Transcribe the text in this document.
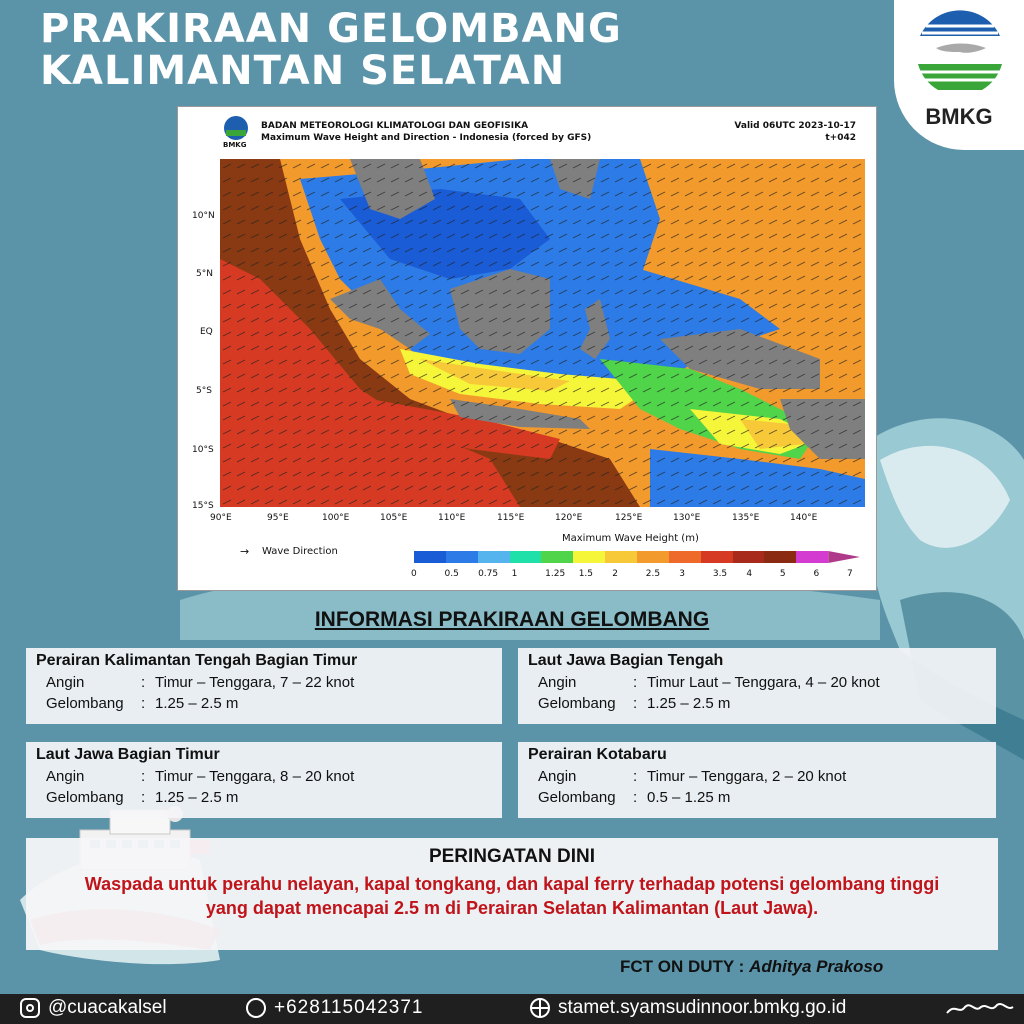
PRAKIRAAN GELOMBANG
KALIMANTAN SELATAN
BMKG
BMKG
BADAN METEOROLOGI KLIMATOLOGI DAN GEOFISIKA
Maximum Wave Height and Direction - Indonesia (forced by GFS)
Valid 06UTC 2023-10-17
t+042
10°N
5°N
EQ
5°S
10°S
15°S
90°E	95°E	100°E	105°E	110°E	115°E	120°E	125°E	130°E	135°E	140°E
→ Wave Direction
Maximum Wave Height (m)
0	0.5 0.75 1	1.25 1.5 2	2.5 3	3.5 4	5	6	7
INFORMASI PRAKIRAAN GELOMBANG
Perairan Kalimantan Tengah Bagian Timur
Angin	: Timur – Tenggara, 7 – 22 knot
Gelombang	: 1.25 – 2.5 m
Laut Jawa Bagian Tengah
Angin	: Timur Laut – Tenggara, 4 – 20 knot
Gelombang	: 1.25 – 2.5 m
Laut Jawa Bagian Timur
Angin	: Timur – Tenggara, 8 – 20 knot
Gelombang	: 1.25 – 2.5 m
Perairan Kotabaru
Angin	: Timur – Tenggara, 2 – 20 knot
Gelombang	: 0.5 – 1.25 m
PERINGATAN DINI
Waspada untuk perahu nelayan, kapal tongkang, dan kapal ferry terhadap potensi gelombang tinggi yang dapat mencapai 2.5 m di Perairan Selatan Kalimantan (Laut Jawa).
FCT ON DUTY : Adhitya Prakoso
@cuacakalsel	+628115042371	stamet.syamsudinnoor.bmkg.go.id
